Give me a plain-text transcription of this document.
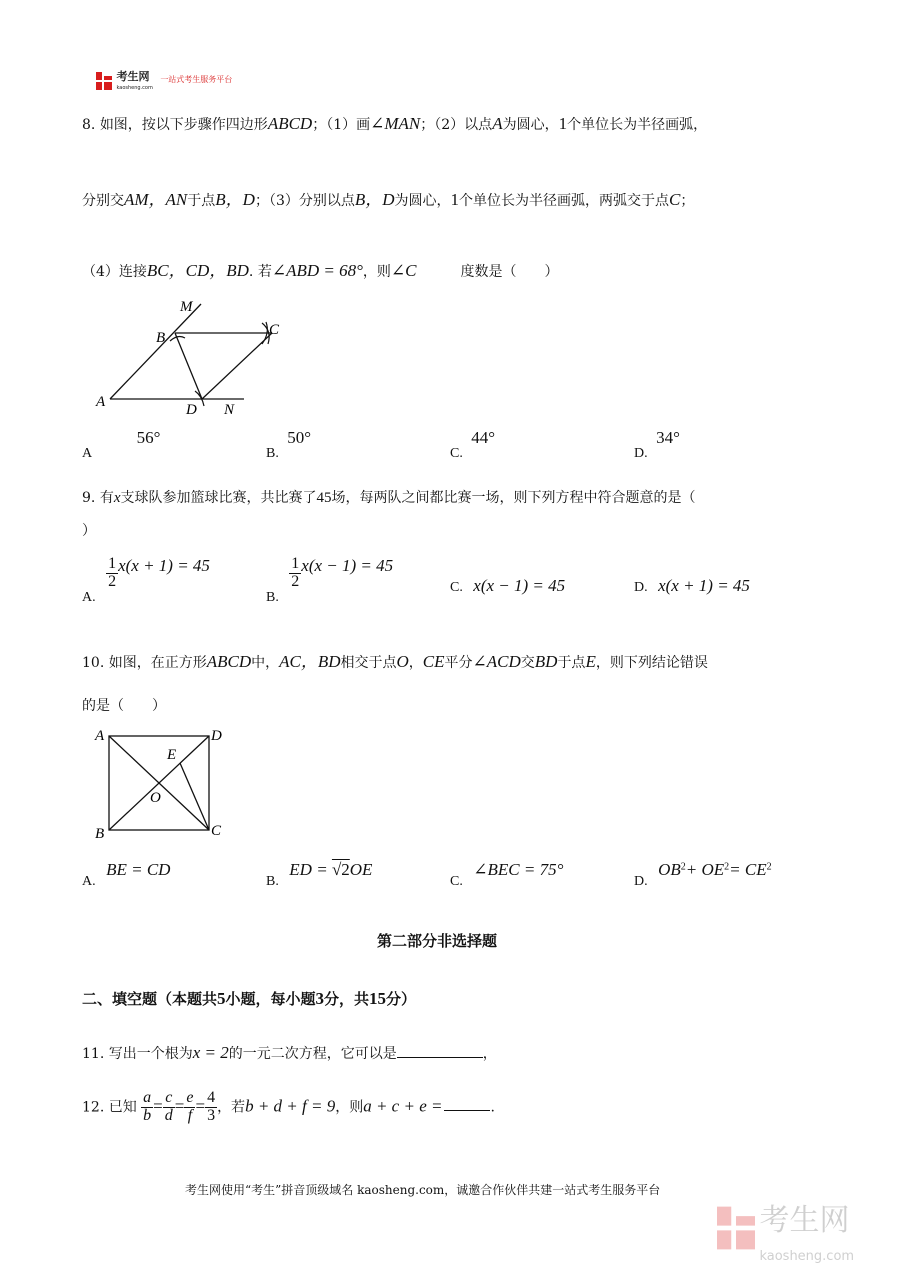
考生网
kaosheng.com $^{一站式考生服务平台}$
8. 如图，按以下步骤作四边形ABCD；（1）画∠MAN；（2）以点A为圆心，1个单位长为半径画弧，
分别交AM，AN于点B，D；（3）分别以点B，D为圆心，1个单位长为半径画弧，两弧交于点C；
（4）连接BC，CD，BD. 若∠ABD = 68°，则∠C	度数是（　　）
M
B	C
A	D N
A 56°
B. 50°
C. 44°
D. 34°
9. 有x支球队参加篮球比赛，共比赛了45场，每两队之间都比赛一场，则下列方程中符合题意的是（
）
A.
$\frac{1}{2} x(x + 1) = 45$
B.
$\frac{1}{2} x(x - 1) = 45$
C. x(x − 1) = 45	D. x(x + 1) = 45
10. 如图，在正方形ABCD中，AC，BD相交于点O，CE平分∠ACD交BD于点E，则下列结论错误
的是（　　）
A	D
E
O
B	C
A. BE = CD
B. ED = √2OE
C. ∠BEC = 75°
D. $OB^2+ OE^2= CE^2$
第二部分非选择题
二、填空题（本题共5小题，每小题3分，共15分）
11. 写出一个根为x = 2的一元二次方程，它可以是	，
12. 已知 $\frac{a}{b} = \frac{c}{d} = \frac{e}{f} = \frac{4}{3}$ ，若b + d + f = 9，则a + c + e =	.
考生网使用“考生”拼音顶级域名 kaosheng.com，诚邀合作伙伴共建一站式考生服务平台
考生网
kaosheng.com
